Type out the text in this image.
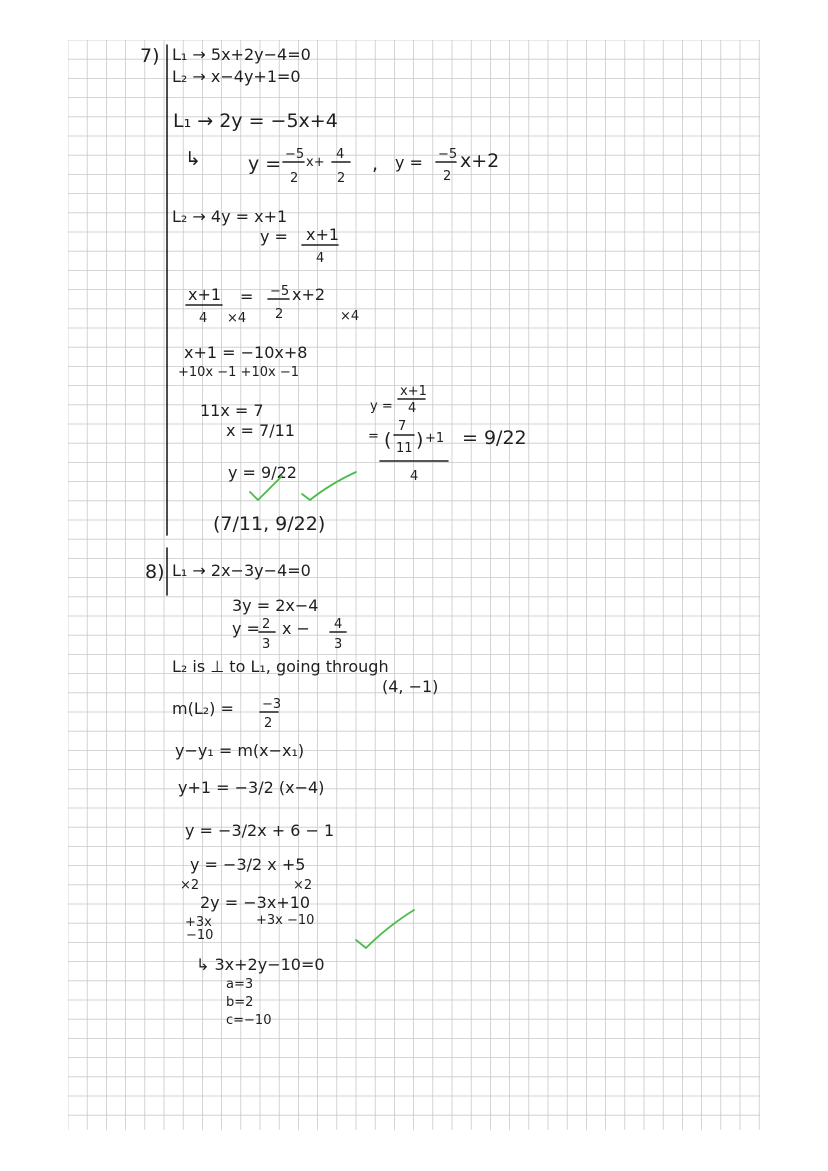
7) L₁ → 5x+2y−4=0
L₂ → x−4y+1=0
L₁ → 2y = −5x+4
↳ y = −5
2
x+
4
2
, y = −5
2
x+2
L₂ → 4y = x+1
y = x+1
4
x+1
4 ×4
= −5
2
x+2
×4
x+1 = −10x+8
+10x −1 +10x −1
11x = 7
x = 7/11
y = 9/22
(7/11, 9/22)
y =
x+1
4
= (
7
11 ) +1
4
= 9/22
8) L₁ → 2x−3y−4=0
3y = 2x−4
y = 2
3
x − 4
3
L₂ is ⊥ to L₁, going through
(4, −1)
m(L₂) = −3
2
y−y₁ = m(x−x₁)
y+1 = −3/2 (x−4)
y = −3/2x + 6 − 1
y = −3/2 x +5
×2	×2
2y = −3x+10
+3x
−10
+3x −10
↳ 3x+2y−10=0
a=3
b=2
c=−10
